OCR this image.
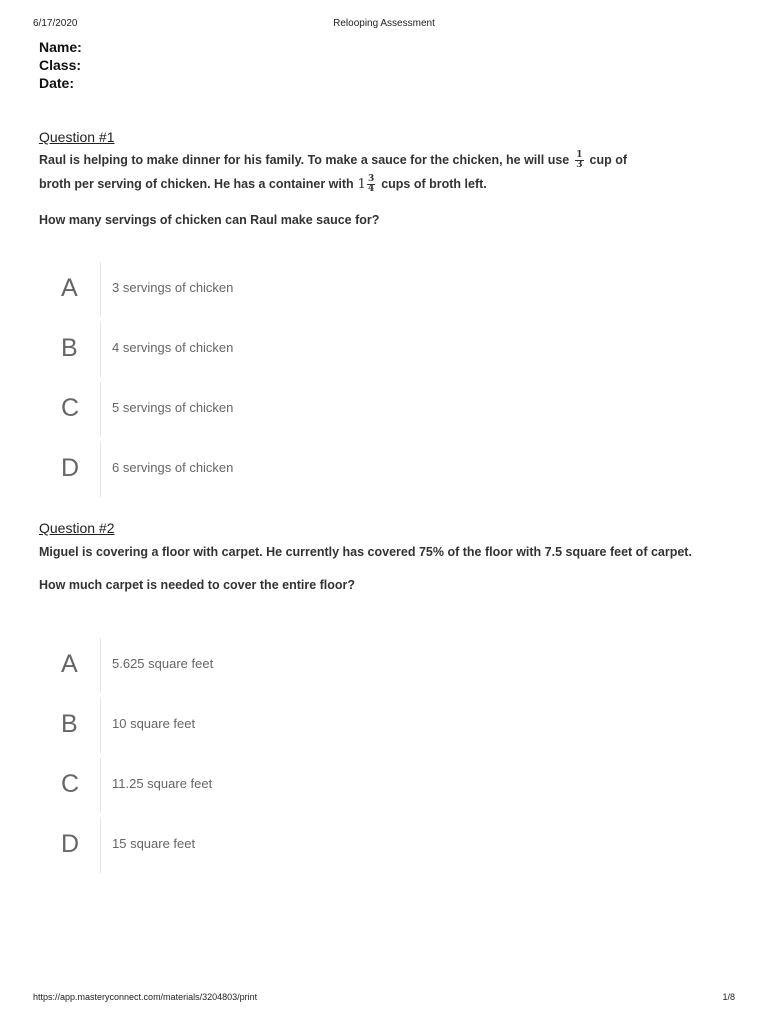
6/17/2020	Relooping Assessment
Name:
Class:
Date:
Question #1
Raul is helping to make dinner for his family. To make a sauce for the chicken, he will use $\frac{1}{3}$ cup of
broth per serving of chicken. He has a container with $1 \frac{3}{4}$ cups of broth left.
How many servings of chicken can Raul make sauce for?
A	3 servings of chicken
B	4 servings of chicken
C	5 servings of chicken
D	6 servings of chicken
Question #2
Miguel is covering a floor with carpet. He currently has covered 75% of the floor with 7.5 square feet of carpet.
How much carpet is needed to cover the entire floor?
A	5.625 square feet
B	10 square feet
C	11.25 square feet
D	15 square feet
https://app.masteryconnect.com/materials/3204803/print	1/8
